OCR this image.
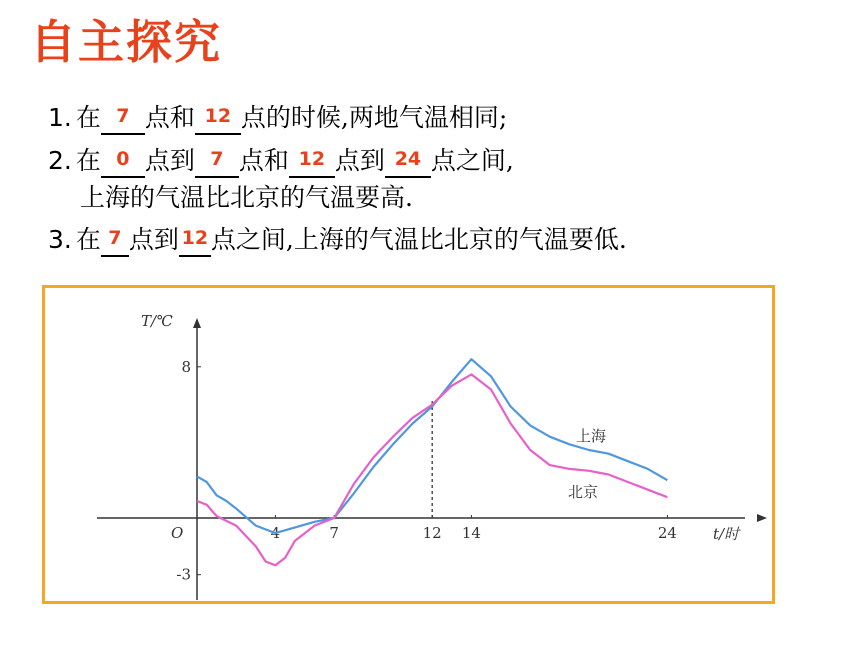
自主探究
1. 在 7 点和 12 点的时候,两地气温相同;
2. 在 0 点到 7 点和 12 点到 24 点之间,
上海的气温比北京的气温要高.
3. 在 7 点到 12 点之间,上海的气温比北京的气温要低.
T/℃
t/时
O	4	7	12 14	24
8
-3
上海
北京
